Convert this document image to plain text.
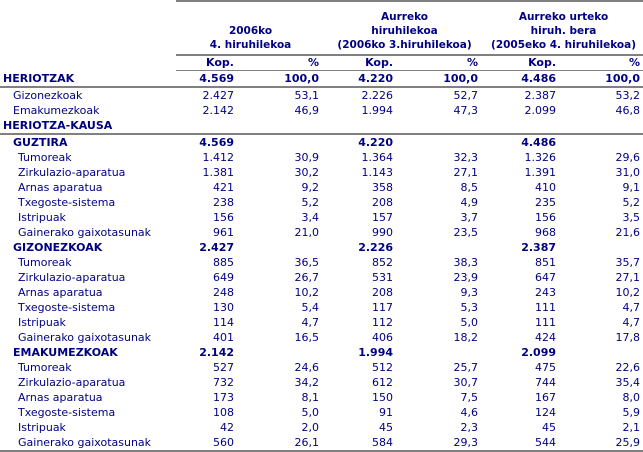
2006ko
4. hiruhilekoa

Aurreko
hiruhilekoa
(2006ko 3.hiruhilekoa)

Aurreko urteko
hiruh. bera
(2005eko 4. hiruhilekoa)

	Kop.	%	Kop.	%	Kop.	%
HERIOTZAK	4.569	100,0	4.220	100,0	4.486	100,0
Gizonezkoak	2.427	53,1	2.226	52,7	2.387	53,2
Emakumezkoak	2.142	46,9	1.994	47,3	2.099	46,8
HERIOTZA-KAUSA						
GUZTIRA	4.569		4.220		4.486	
Tumoreak	1.412	30,9	1.364	32,3	1.326	29,6
Zirkulazio-aparatua	1.381	30,2	1.143	27,1	1.391	31,0
Arnas aparatua	421	9,2	358	8,5	410	9,1
Txegoste-sistema	238	5,2	208	4,9	235	5,2
Istripuak	156	3,4	157	3,7	156	3,5
Gainerako gaixotasunak	961	21,0	990	23,5	968	21,6
GIZONEZKOAK	2.427		2.226		2.387	
Tumoreak	885	36,5	852	38,3	851	35,7
Zirkulazio-aparatua	649	26,7	531	23,9	647	27,1
Arnas aparatua	248	10,2	208	9,3	243	10,2
Txegoste-sistema	130	5,4	117	5,3	111	4,7
Istripuak	114	4,7	112	5,0	111	4,7
Gainerako gaixotasunak	401	16,5	406	18,2	424	17,8
EMAKUMEZKOAK	2.142		1.994		2.099	
Tumoreak	527	24,6	512	25,7	475	22,6
Zirkulazio-aparatua	732	34,2	612	30,7	744	35,4
Arnas aparatua	173	8,1	150	7,5	167	8,0
Txegoste-sistema	108	5,0	91	4,6	124	5,9
Istripuak	42	2,0	45	2,3	45	2,1
Gainerako gaixotasunak	560	26,1	584	29,3	544	25,9
